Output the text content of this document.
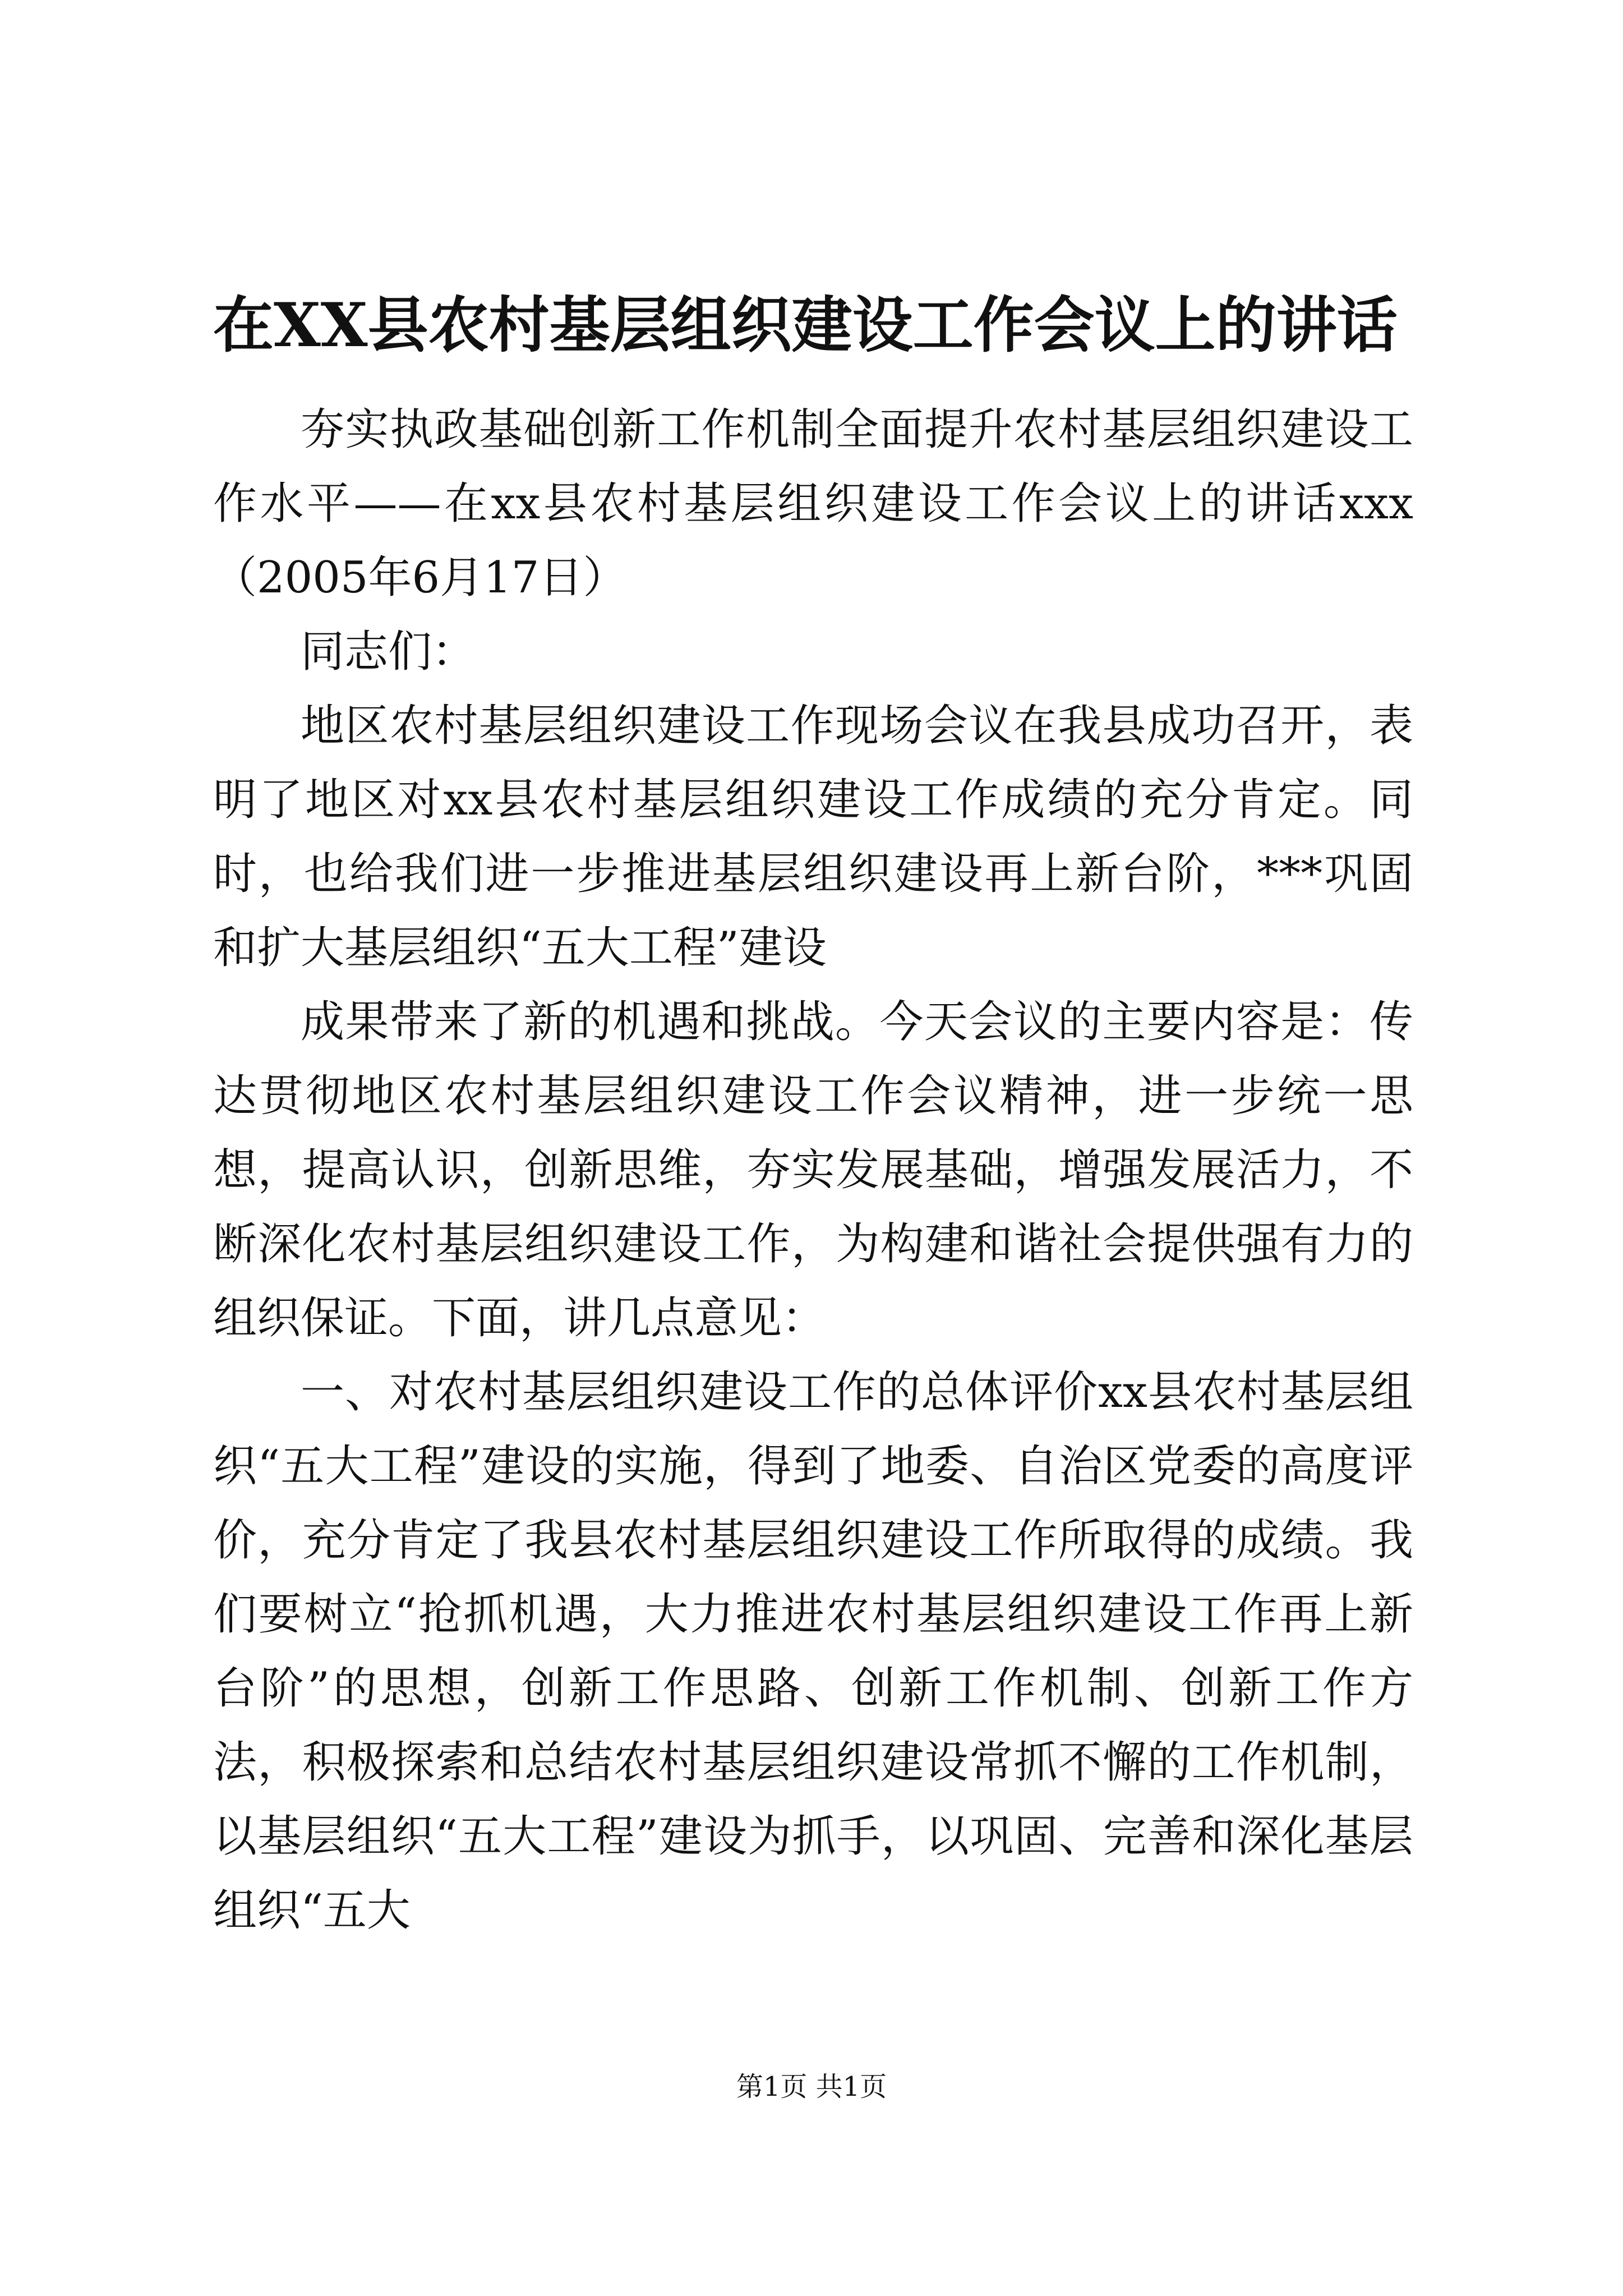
在XX县农村基层组织建设工作会议上的讲话

夯实执政基础创新工作机制全面提升农村基层组织建设工作水平——在xx县农村基层组织建设工作会议上的讲话xxx（2005年6月17日）

同志们：

地区农村基层组织建设工作现场会议在我县成功召开，表明了地区对xx县农村基层组织建设工作成绩的充分肯定。同时，也给我们进一步推进基层组织建设再上新台阶，***巩固和扩大基层组织“五大工程”建设

成果带来了新的机遇和挑战。今天会议的主要内容是：传达贯彻地区农村基层组织建设工作会议精神，进一步统一思想，提高认识，创新思维，夯实发展基础，增强发展活力，不断深化农村基层组织建设工作，为构建和谐社会提供强有力的组织保证。下面，讲几点意见：

一、对农村基层组织建设工作的总体评价xx县农村基层组织“五大工程”建设的实施，得到了地委、自治区党委的高度评价，充分肯定了我县农村基层组织建设工作所取得的成绩。我们要树立“抢抓机遇，大力推进农村基层组织建设工作再上新台阶”的思想，创新工作思路、创新工作机制、创新工作方法，积极探索和总结农村基层组织建设常抓不懈的工作机制，以基层组织“五大工程”建设为抓手，以巩固、完善和深化基层组织“五大

第1页 共1页
